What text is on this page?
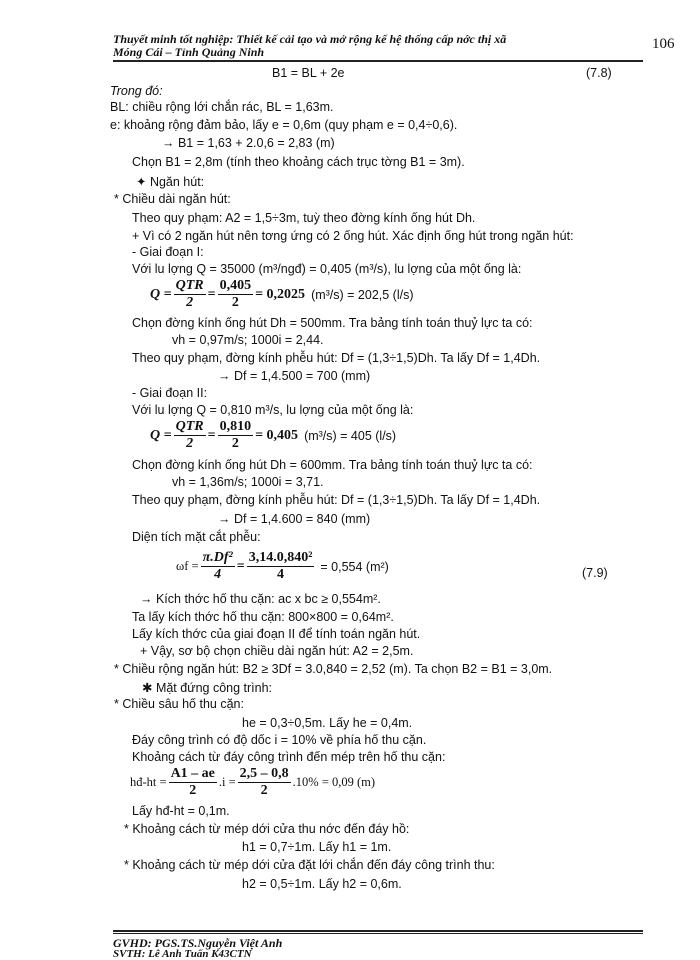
Thuyết minh tốt nghiệp: Thiết kế cải tạo và mở rộng kế hệ thống cấp nớc thị xã
Móng Cái – Tỉnh Quảng Ninh	106
B1 = BL + 2e	(7.8)
Trong đó:
BL: chiều rộng lới chắn rác, BL = 1,63m.
e: khoảng rộng đảm bảo, lấy e = 0,6m (quy phạm e = 0,4÷0,6).
→ B1 = 1,63 + 2.0,6 = 2,83 (m)
Chọn B1 = 2,8m (tính theo khoảng cách trục tờng B1 = 3m).
✦ Ngăn hút:
* Chiều dài ngăn hút:
Theo quy phạm: A2 = 1,5÷3m, tuỳ theo đờng kính ống hút Dh.
+ Vì có 2 ngăn hút nên tơng ứng có 2 ống hút. Xác định ống hút trong ngăn hút:
- Giai đoạn I:
Với lu lợng Q = 35000 (m³/ngđ) = 0,405 (m³/s), lu lợng của một ống là:
$Q = \frac{\text{QTR}}{2} = \frac{0,405}{2} = 0,2025$ (m³/s) = 202,5 (l/s)
Chọn đờng kính ống hút Dh = 500mm. Tra bảng tính toán thuỷ lực ta có:
vh = 0,97m/s; 1000i = 2,44.
Theo quy phạm, đờng kính phễu hút: Df = (1,3÷1,5)Dh. Ta lấy Df = 1,4Dh.
→ Df = 1,4.500 = 700 (mm)
- Giai đoạn II:
Với lu lợng Q = 0,810 m³/s, lu lợng của một ống là:
$Q = \frac{\text{QTR}}{2} = \frac{0,810}{2} = 0,405$ (m³/s) = 405 (l/s)
Chọn đờng kính ống hút Dh = 600mm. Tra bảng tính toán thuỷ lực ta có:
vh = 1,36m/s; 1000i = 3,71.
Theo quy phạm, đờng kính phễu hút: Df = (1,3÷1,5)Dh. Ta lấy Df = 1,4Dh.
→ Df = 1,4.600 = 840 (mm)
Diện tích mặt cắt phễu:
$\omega f = \frac{\text{π.Df²}}{4} = \frac{\text{3,14.0,840²}}{4} = 0,554$ (m²)	(7.9)
→ Kích thớc hố thu cặn: ac x bc ≥ 0,554m².
Ta lấy kích thớc hố thu cặn: 800×800 = 0,64m².
Lấy kích thớc của giai đoạn II để tính toán ngăn hút.
+ Vậy, sơ bộ chọn chiều dài ngăn hút: A2 = 2,5m.
* Chiều rộng ngăn hút: B2 ≥ 3Df = 3.0,840 = 2,52 (m). Ta chọn B2 = B1 = 3,0m.
✱ Mặt đứng công trình:
* Chiều sâu hố thu cặn:
he = 0,3÷0,5m. Lấy he = 0,4m.
Đáy công trình có độ dốc i = 10% về phía hố thu cặn.
Khoảng cách từ đáy công trình đến mép trên hố thu cặn:
hđ-ht = $\frac{A1 - ae}{2} .i = \frac{2,5 - 0,8}{2} .10\% = 0,09$ (m)
Lấy hđ-ht = 0,1m.
* Khoảng cách từ mép dới cửa thu nớc đến đáy hồ:
h1 = 0,7÷1m. Lấy h1 = 1m.
* Khoảng cách từ mép dới cửa đặt lới chắn đến đáy công trình thu:
h2 = 0,5÷1m. Lấy h2 = 0,6m.
GVHD: PGS.TS.Nguyễn Việt Anh
SVTH: Lê Anh Tuấn K43CTN
